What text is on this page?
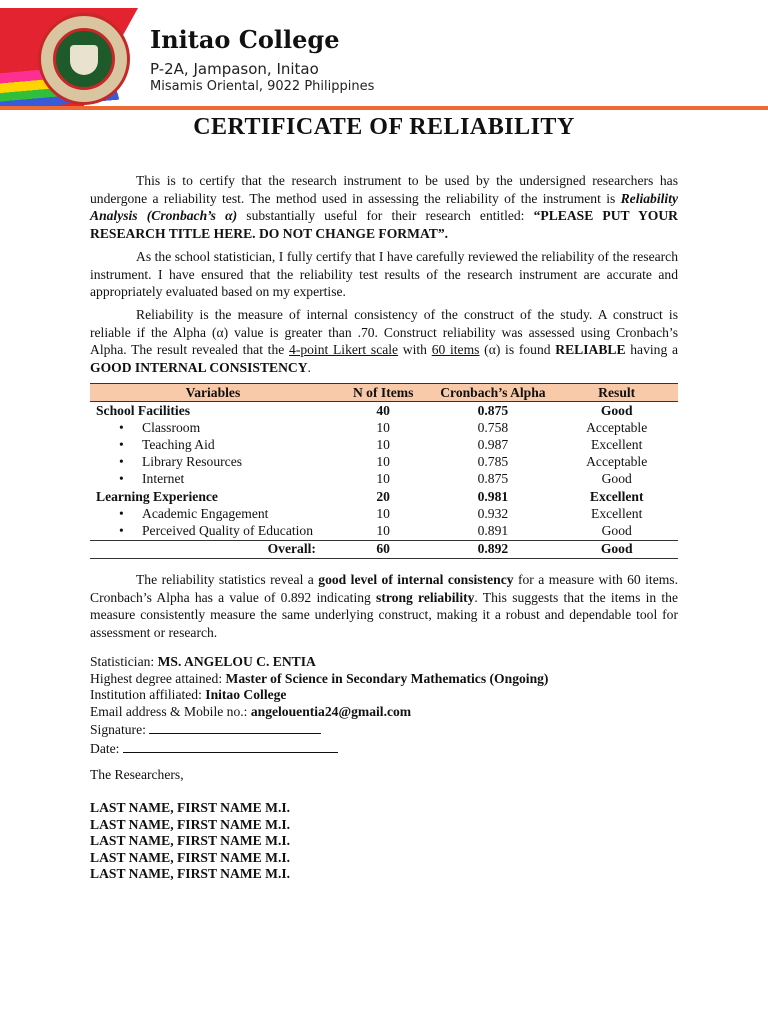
Initao College
P-2A, Jampason, Initao
Misamis Oriental, 9022 Philippines
CERTIFICATE OF RELIABILITY
This is to certify that the research instrument to be used by the undersigned researchers has undergone a reliability test. The method used in assessing the reliability of the instrument is Reliability Analysis (Cronbach’s α) substantially useful for their research entitled: “PLEASE PUT YOUR RESEARCH TITLE HERE. DO NOT CHANGE FORMAT”.
As the school statistician, I fully certify that I have carefully reviewed the reliability of the research instrument. I have ensured that the reliability test results of the research instrument are accurate and appropriately evaluated based on my expertise.
Reliability is the measure of internal consistency of the construct of the study. A construct is reliable if the Alpha (α) value is greater than .70. Construct reliability was assessed using Cronbach’s Alpha. The result revealed that the 4-point Likert scale with 60 items (α) is found RELIABLE having a GOOD INTERNAL CONSISTENCY.
Variables	N of Items	Cronbach’s Alpha	Result
School Facilities	40	0.875	Good
• Classroom	10	0.758	Acceptable
• Teaching Aid	10	0.987	Excellent
• Library Resources	10	0.785	Acceptable
• Internet	10	0.875	Good
Learning Experience	20	0.981	Excellent
• Academic Engagement	10	0.932	Excellent
• Perceived Quality of Education	10	0.891	Good
Overall:	60	0.892	Good
The reliability statistics reveal a good level of internal consistency for a measure with 60 items. Cronbach’s Alpha has a value of 0.892 indicating strong reliability. This suggests that the items in the measure consistently measure the same underlying construct, making it a robust and dependable tool for assessment or research.
Statistician: MS. ANGELOU C. ENTIA
Highest degree attained: Master of Science in Secondary Mathematics (Ongoing)
Institution affiliated: Initao College
Email address & Mobile no.: angelouentia24@gmail.com
Signature:
Date:
The Researchers,
LAST NAME, FIRST NAME M.I.
LAST NAME, FIRST NAME M.I.
LAST NAME, FIRST NAME M.I.
LAST NAME, FIRST NAME M.I.
LAST NAME, FIRST NAME M.I.
